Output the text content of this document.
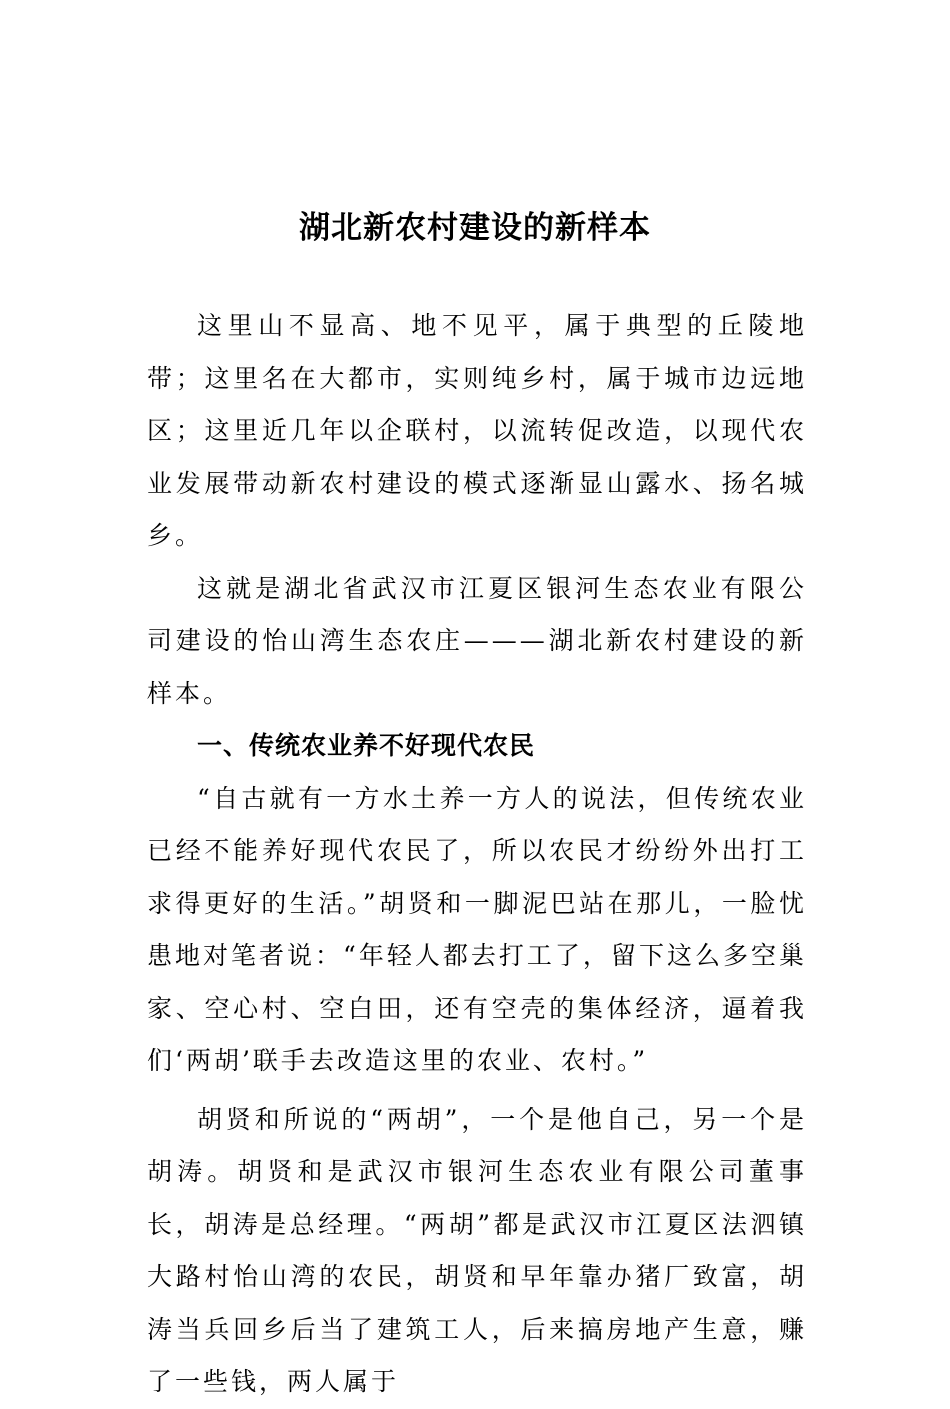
湖北新农村建设的新样本

这里山不显高、地不见平，属于典型的丘陵地带；这里名在大都市，实则纯乡村，属于城市边远地区；这里近几年以企联村，以流转促改造，以现代农业发展带动新农村建设的模式逐渐显山露水、扬名城乡。

这就是湖北省武汉市江夏区银河生态农业有限公司建设的怡山湾生态农庄———湖北新农村建设的新样本。

一、传统农业养不好现代农民

“自古就有一方水土养一方人的说法，但传统农业已经不能养好现代农民了，所以农民才纷纷外出打工求得更好的生活。”胡贤和一脚泥巴站在那儿，一脸忧患地对笔者说：“年轻人都去打工了，留下这么多空巢家、空心村、空白田，还有空壳的集体经济，逼着我们‘两胡’联手去改造这里的农业、农村。”

胡贤和所说的“两胡”，一个是他自己，另一个是胡涛。胡贤和是武汉市银河生态农业有限公司董事长，胡涛是总经理。“两胡”都是武汉市江夏区法泗镇大路村怡山湾的农民，胡贤和早年靠办猪厂致富，胡涛当兵回乡后当了建筑工人，后来搞房地产生意，赚了一些钱，两人属于
